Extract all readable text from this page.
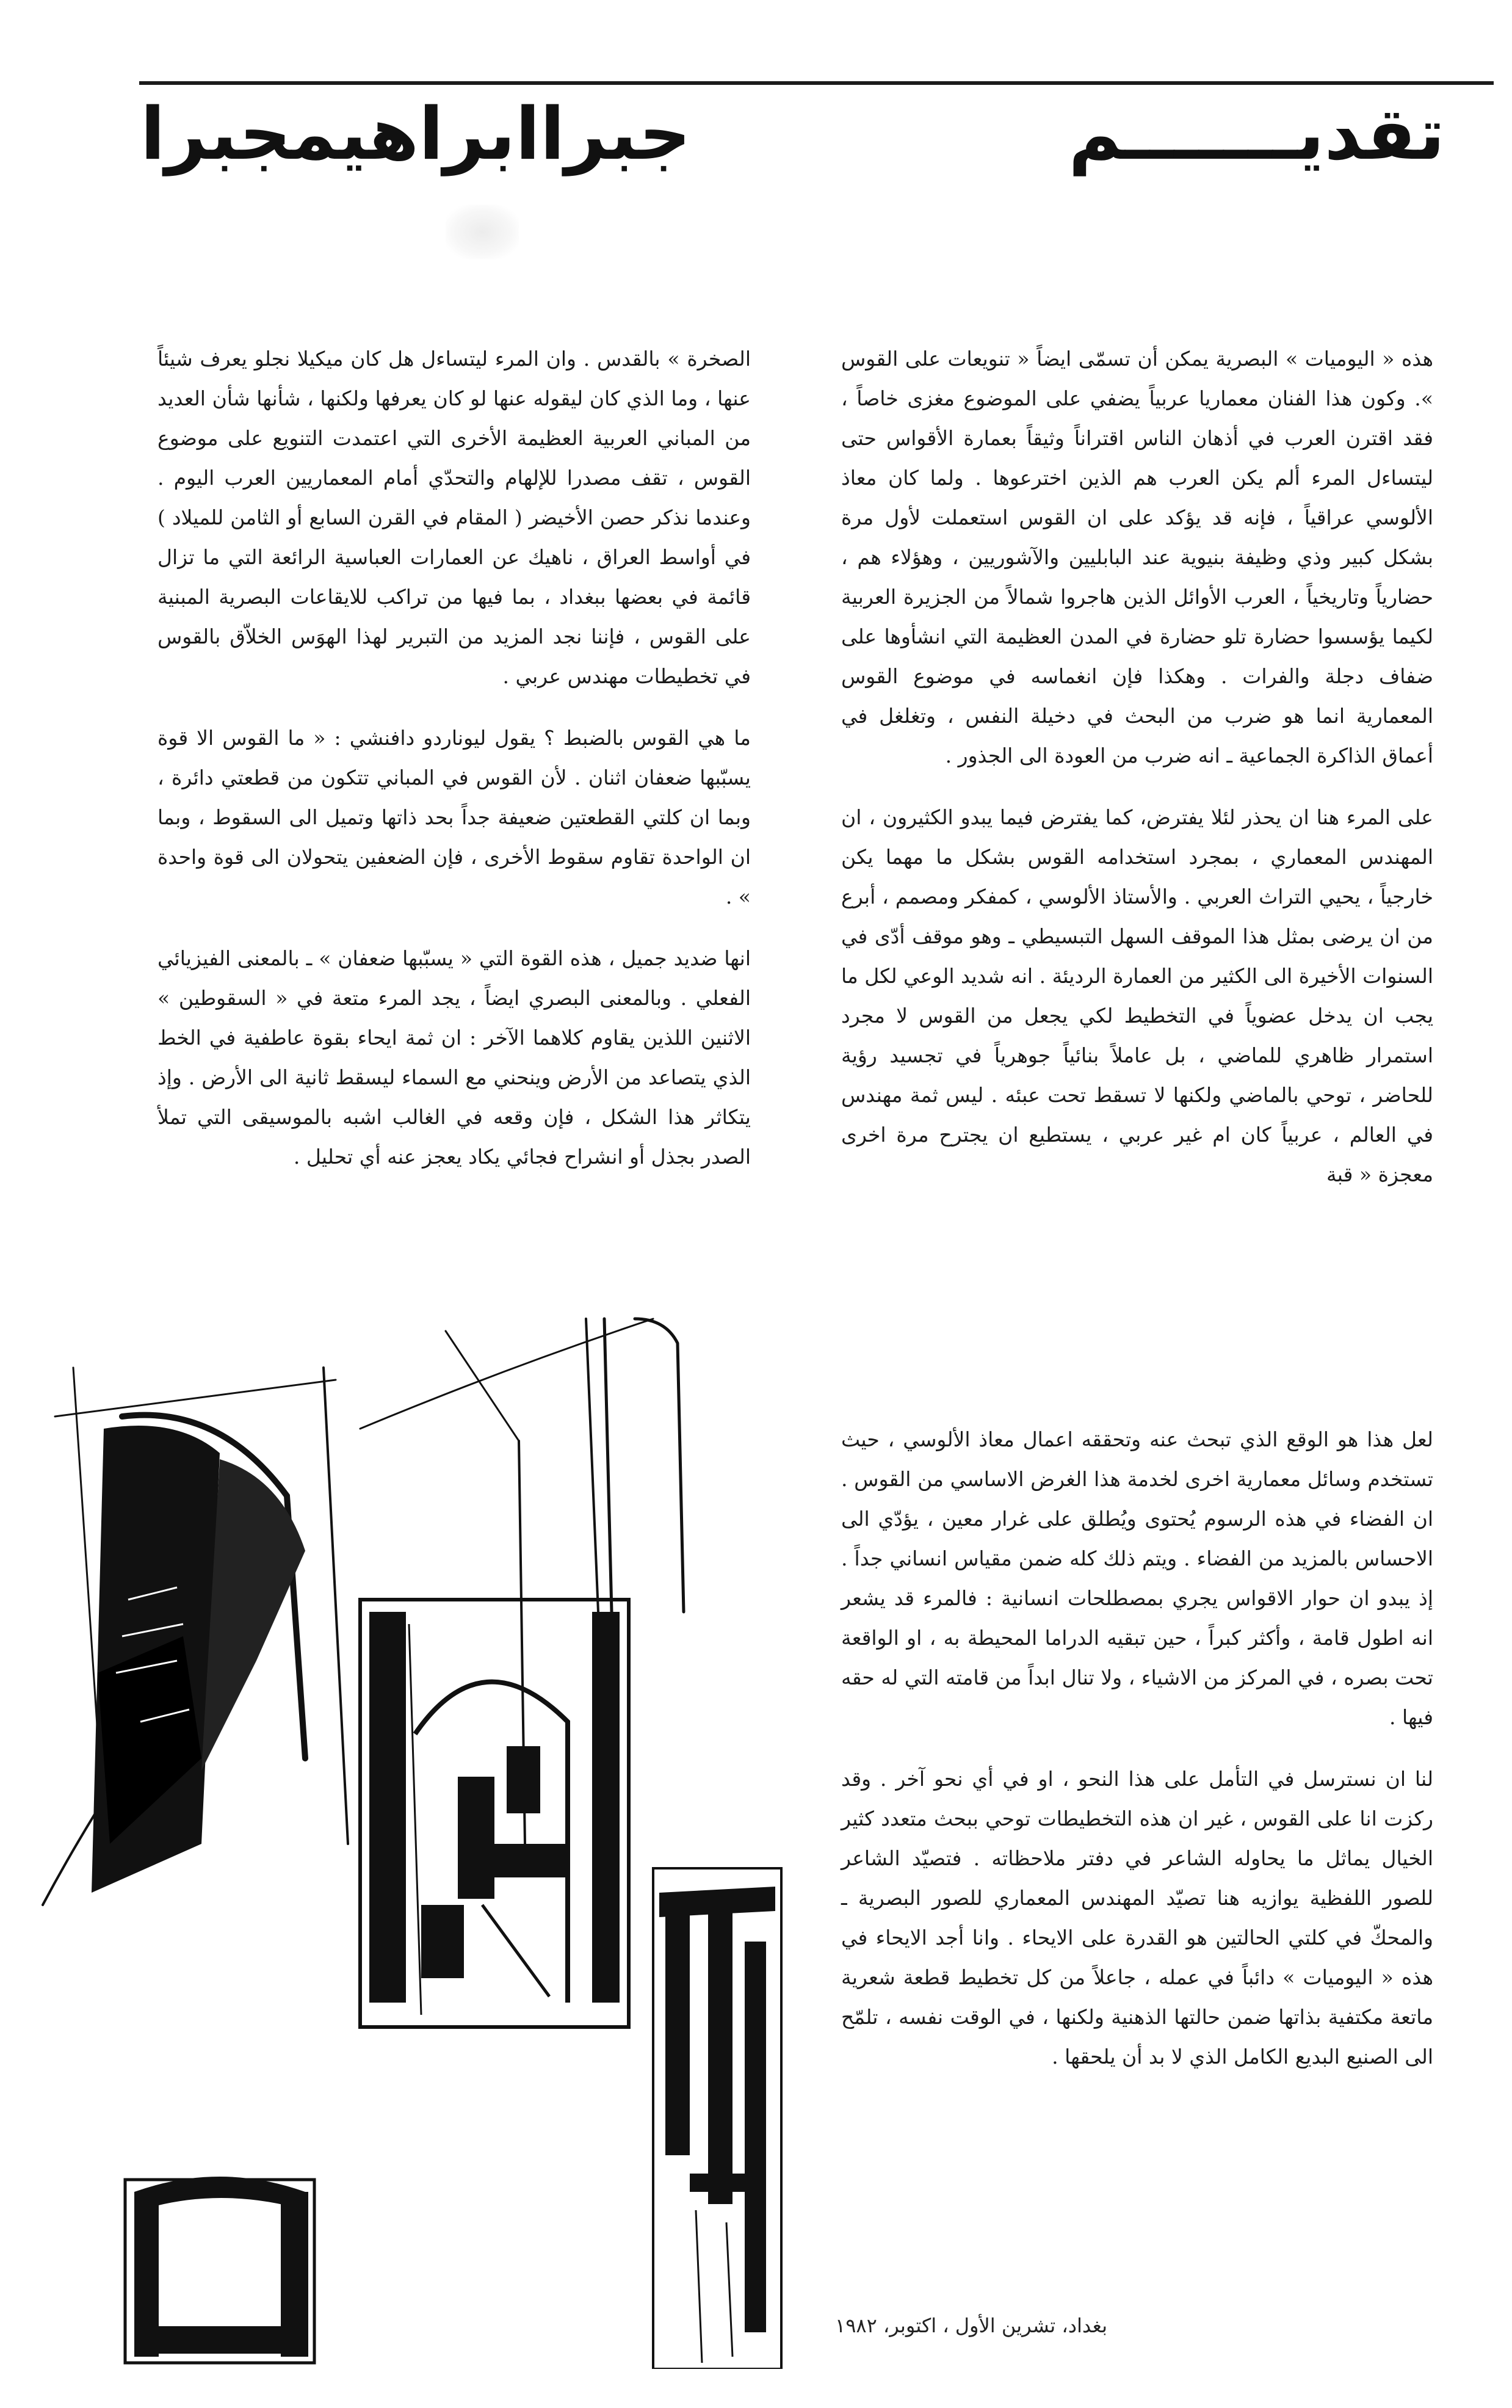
جبراابراهيمجبرا	تقديـــــــم

هذه « اليوميات » البصرية يمكن أن تسمّى ايضاً « تنويعات على القوس ». وكون هذا الفنان معماريا عربياً يضفي على الموضوع مغزى خاصاً ، فقد اقترن العرب في أذهان الناس اقتراناً وثيقاً بعمارة الأقواس حتى ليتساءل المرء ألم يكن العرب هم الذين اخترعوها . ولما كان معاذ الألوسي عراقياً ، فإنه قد يؤكد على ان القوس استعملت لأول مرة بشكل كبير وذي وظيفة بنيوية عند البابليين والآشوريين ، وهؤلاء هم ، حضارياً وتاريخياً ، العرب الأوائل الذين هاجروا شمالاً من الجزيرة العربية لكيما يؤسسوا حضارة تلو حضارة في المدن العظيمة التي انشأوها على ضفاف دجلة والفرات . وهكذا فإن انغماسه في موضوع القوس المعمارية انما هو ضرب من البحث في دخيلة النفس ، وتغلغل في أعماق الذاكرة الجماعية ـ انه ضرب من العودة الى الجذور .

على المرء هنا ان يحذر لئلا يفترض، كما يفترض فيما يبدو الكثيرون ، ان المهندس المعماري ، بمجرد استخدامه القوس بشكل ما مهما يكن خارجياً ، يحيي التراث العربي . والأستاذ الألوسي ، كمفكر ومصمم ، أبرع من ان يرضى بمثل هذا الموقف السهل التبسيطي ـ وهو موقف أدّى في السنوات الأخيرة الى الكثير من العمارة الرديئة . انه شديد الوعي لكل ما يجب ان يدخل عضوياً في التخطيط لكي يجعل من القوس لا مجرد استمرار ظاهري للماضي ، بل عاملاً بنائياً جوهرياً في تجسيد رؤية للحاضر ، توحي بالماضي ولكنها لا تسقط تحت عبئه . ليس ثمة مهندس في العالم ، عربياً كان ام غير عربي ، يستطيع ان يجترح مرة اخرى معجزة « قبة

الصخرة » بالقدس . وان المرء ليتساءل هل كان ميكيلا نجلو يعرف شيئاً عنها ، وما الذي كان ليقوله عنها لو كان يعرفها ولكنها ، شأنها شأن العديد من المباني العربية العظيمة الأخرى التي اعتمدت التنويع على موضوع القوس ، تقف مصدرا للإلهام والتحدّي أمام المعماريين العرب اليوم . وعندما نذكر حصن الأخيضر ( المقام في القرن السابع أو الثامن للميلاد ) في أواسط العراق ، ناهيك عن العمارات العباسية الرائعة التي ما تزال قائمة في بعضها ببغداد ، بما فيها من تراكب للايقاعات البصرية المبنية على القوس ، فإننا نجد المزيد من التبرير لهذا الهوَس الخلاّق بالقوس في تخطيطات مهندس عربي .

ما هي القوس بالضبط ؟ يقول ليوناردو دافنشي : « ما القوس الا قوة يسبّبها ضعفان اثنان . لأن القوس في المباني تتكون من قطعتي دائرة ، وبما ان كلتي القطعتين ضعيفة جداً بحد ذاتها وتميل الى السقوط ، وبما ان الواحدة تقاوم سقوط الأخرى ، فإن الضعفين يتحولان الى قوة واحدة » .

انها ضديد جميل ، هذه القوة التي « يسبّبها ضعفان » ـ بالمعنى الفيزيائي الفعلي . وبالمعنى البصري ايضاً ، يجد المرء متعة في « السقوطين » الاثنين اللذين يقاوم كلاهما الآخر : ان ثمة ايحاء بقوة عاطفية في الخط الذي يتصاعد من الأرض وينحني مع السماء ليسقط ثانية الى الأرض . وإذ يتكاثر هذا الشكل ، فإن وقعه في الغالب اشبه بالموسيقى التي تملأ الصدر بجذل أو انشراح فجائي يكاد يعجز عنه أي تحليل .

لعل هذا هو الوقع الذي تبحث عنه وتحققه اعمال معاذ الألوسي ، حيث تستخدم وسائل معمارية اخرى لخدمة هذا الغرض الاساسي من القوس . ان الفضاء في هذه الرسوم يُحتوى ويُطلق على غرار معين ، يؤدّي الى الاحساس بالمزيد من الفضاء . ويتم ذلك كله ضمن مقياس انساني جداً . إذ يبدو ان حوار الاقواس يجري بمصطلحات انسانية : فالمرء قد يشعر انه اطول قامة ، وأكثر كبراً ، حين تبقيه الدراما المحيطة به ، او الواقعة تحت بصره ، في المركز من الاشياء ، ولا تنال ابداً من قامته التي له حقه فيها .

لنا ان نسترسل في التأمل على هذا النحو ، او في أي نحو آخر . وقد ركزت انا على القوس ، غير ان هذه التخطيطات توحي ببحث متعدد كثير الخيال يماثل ما يحاوله الشاعر في دفتر ملاحظاته . فتصيّد الشاعر للصور اللفظية يوازيه هنا تصيّد المهندس المعماري للصور البصرية ـ والمحكّ في كلتي الحالتين هو القدرة على الايحاء . وانا أجد الايحاء في هذه « اليوميات » دائباً في عمله ، جاعلاً من كل تخطيط قطعة شعرية ماتعة مكتفية بذاتها ضمن حالتها الذهنية ولكنها ، في الوقت نفسه ، تلمّح الى الصنيع البديع الكامل الذي لا بد أن يلحقها .

بغداد، تشرين الأول ، اكتوبر، ١٩٨٢
